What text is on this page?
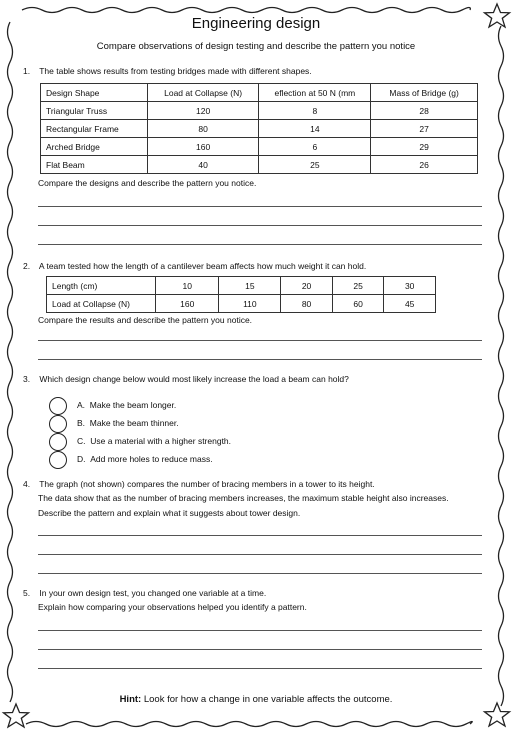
Engineering design
Compare observations of design testing and describe the pattern you notice
1. The table shows results from testing bridges made with different shapes.
Design Shape	Load at Collapse (N)	eflection at 50 N (mm	Mass of Bridge (g)
Triangular Truss	120	8	28
Rectangular Frame	80	14	27
Arched Bridge	160	6	29
Flat Beam	40	25	26
Compare the designs and describe the pattern you notice.
2. A team tested how the length of a cantilever beam affects how much weight it can hold.
Length (cm)	10	15	20	25	30
Load at Collapse (N)	160	110	80	60	45
Compare the results and describe the pattern you notice.
3. Which design change below would most likely increase the load a beam can hold?
A. Make the beam longer.
B. Make the beam thinner.
C. Use a material with a higher strength.
D. Add more holes to reduce mass.
4. The graph (not shown) compares the number of bracing members in a tower to its height.
The data show that as the number of bracing members increases, the maximum stable height also increases.
Describe the pattern and explain what it suggests about tower design.
5. In your own design test, you changed one variable at a time.
Explain how comparing your observations helped you identify a pattern.
Hint: Look for how a change in one variable affects the outcome.
